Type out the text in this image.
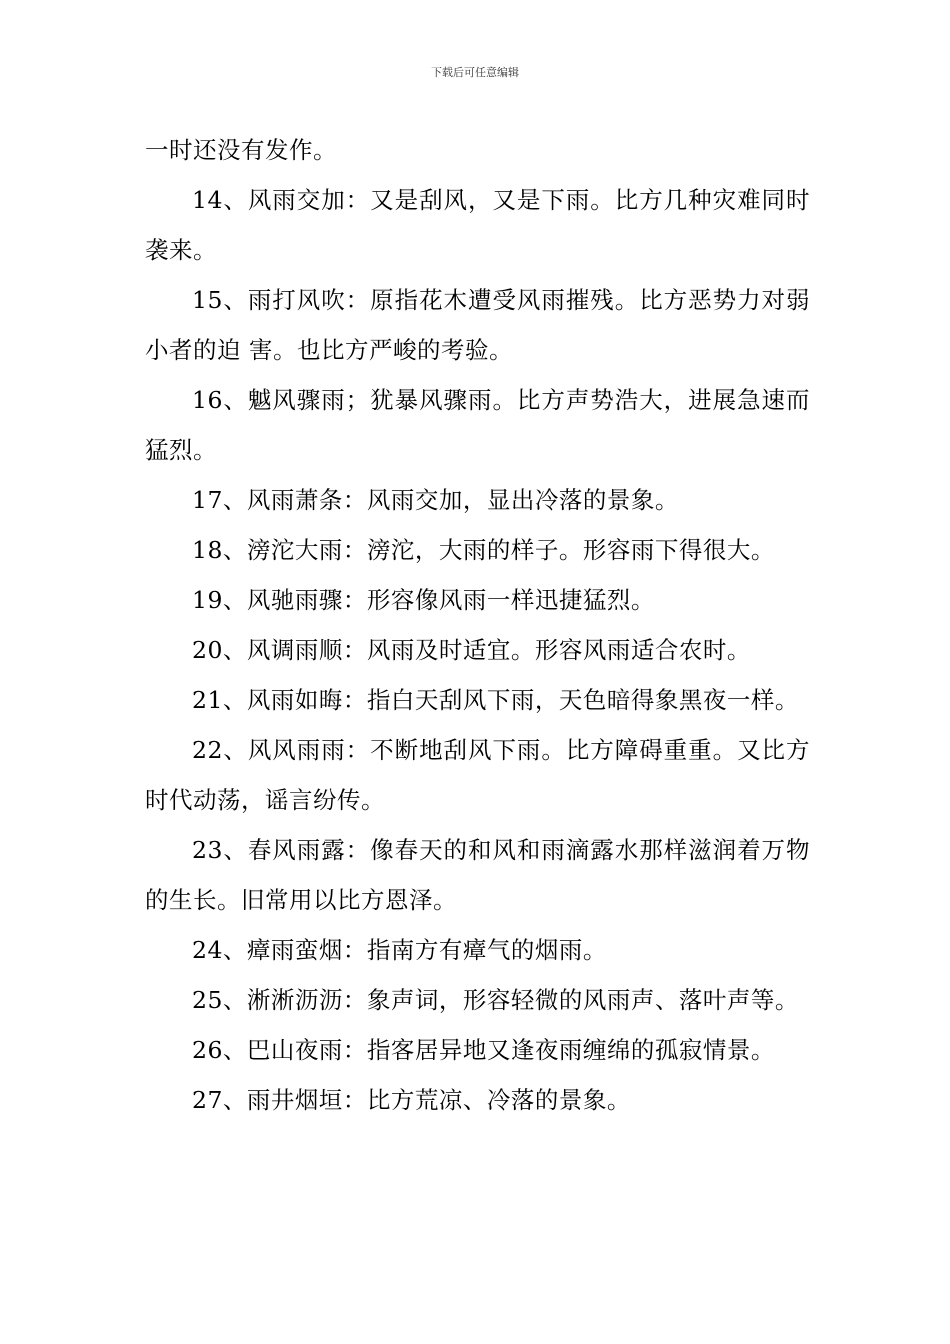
下载后可任意编辑

一时还没有发作。

14、风雨交加：又是刮风，又是下雨。比方几种灾难同时袭来。

15、雨打风吹：原指花木遭受风雨摧残。比方恶势力对弱小者的迫 害。也比方严峻的考验。

16、魆风骤雨；犹暴风骤雨。比方声势浩大，进展急速而猛烈。

17、风雨萧条：风雨交加，显出冷落的景象。

18、滂沱大雨：滂沱，大雨的样子。形容雨下得很大。

19、风驰雨骤：形容像风雨一样迅捷猛烈。

20、风调雨顺：风雨及时适宜。形容风雨适合农时。

21、风雨如晦：指白天刮风下雨，天色暗得象黑夜一样。

22、风风雨雨：不断地刮风下雨。比方障碍重重。又比方时代动荡，谣言纷传。

23、春风雨露：像春天的和风和雨滴露水那样滋润着万物的生长。旧常用以比方恩泽。

24、瘴雨蛮烟：指南方有瘴气的烟雨。

25、淅淅沥沥：象声词，形容轻微的风雨声、落叶声等。

26、巴山夜雨：指客居异地又逢夜雨缠绵的孤寂情景。

27、雨井烟垣：比方荒凉、冷落的景象。
